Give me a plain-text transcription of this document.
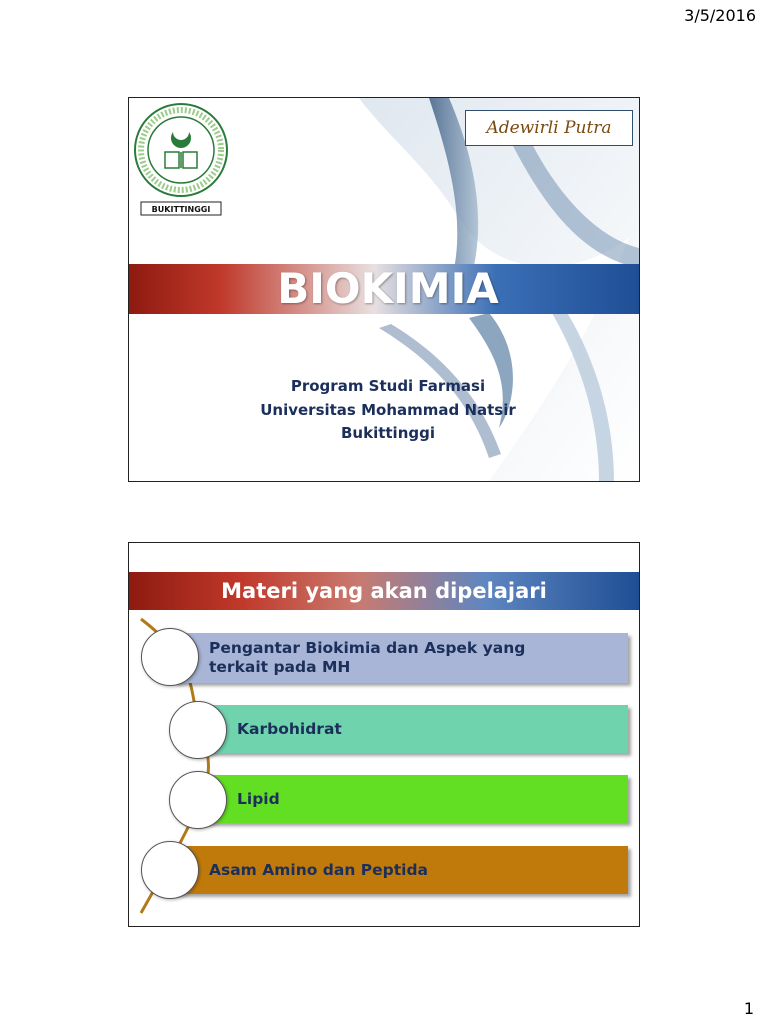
3/5/2016
BUKITTINGGI
Adewirli Putra
BIOKIMIA
Program Studi Farmasi
Universitas Mohammad Natsir
Bukittinggi
Materi yang akan dipelajari
Pengantar Biokimia dan Aspek yang terkait pada MH
Karbohidrat
Lipid
Asam Amino dan Peptida
1
